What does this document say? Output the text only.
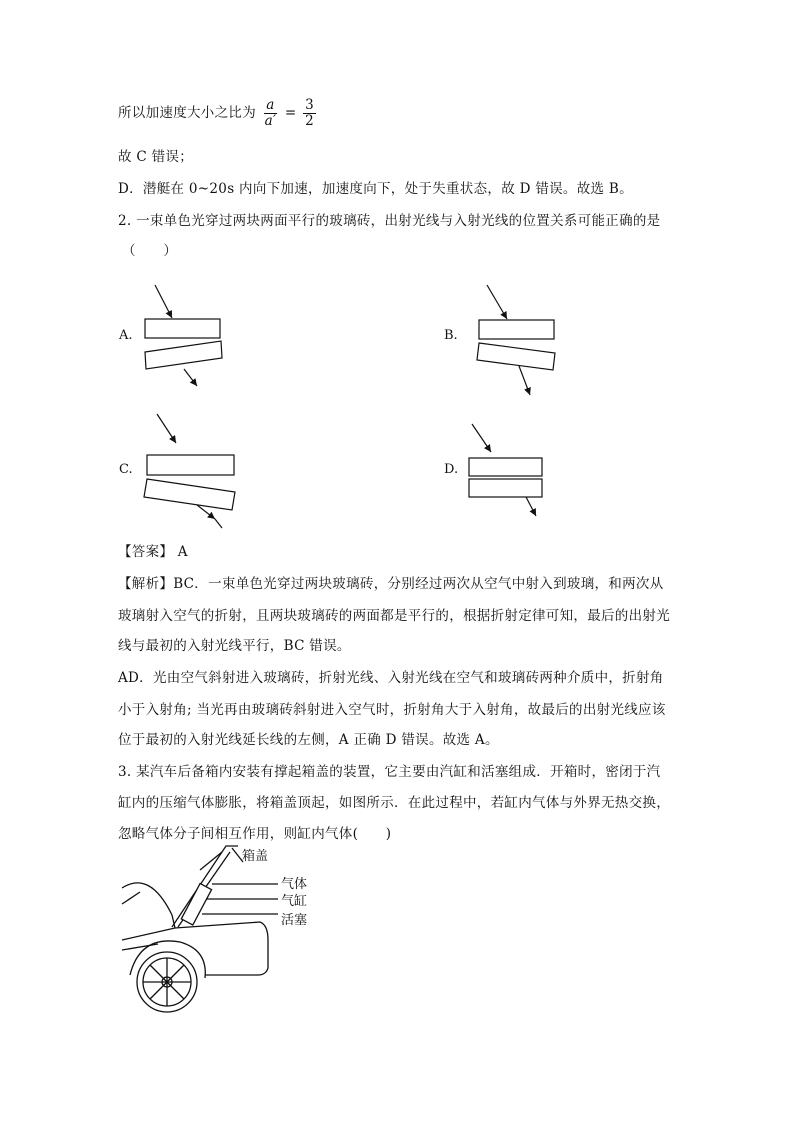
所以加速度大小之比为 $\frac{a}{a'} = \frac{3}{2}$
故 C 错误；
D．潜艇在 0~20s 内向下加速，加速度向下，处于失重状态，故 D 错误。故选 B。
2. 一束单色光穿过两块两面平行的玻璃砖，出射光线与入射光线的位置关系可能正确的是
（　　）
A.	B.
C.	D.
【答案】 A
【解析】BC．一束单色光穿过两块玻璃砖，分别经过两次从空气中射入到玻璃，和两次从
玻璃射入空气的折射，且两块玻璃砖的两面都是平行的，根据折射定律可知，最后的出射光
线与最初的入射光线平行，BC 错误。
AD．光由空气斜射进入玻璃砖，折射光线、入射光线在空气和玻璃砖两种介质中，折射角
小于入射角; 当光再由玻璃砖斜射进入空气时，折射角大于入射角，故最后的出射光线应该
位于最初的入射光线延长线的左侧，A 正确 D 错误。故选 A。
3. 某汽车后备箱内安装有撑起箱盖的装置，它主要由汽缸和活塞组成．开箱时，密闭于汽
缸内的压缩气体膨胀，将箱盖顶起，如图所示．在此过程中，若缸内气体与外界无热交换，
忽略气体分子间相互作用，则缸内气体(　　)
箱盖
气体
气缸
活塞
